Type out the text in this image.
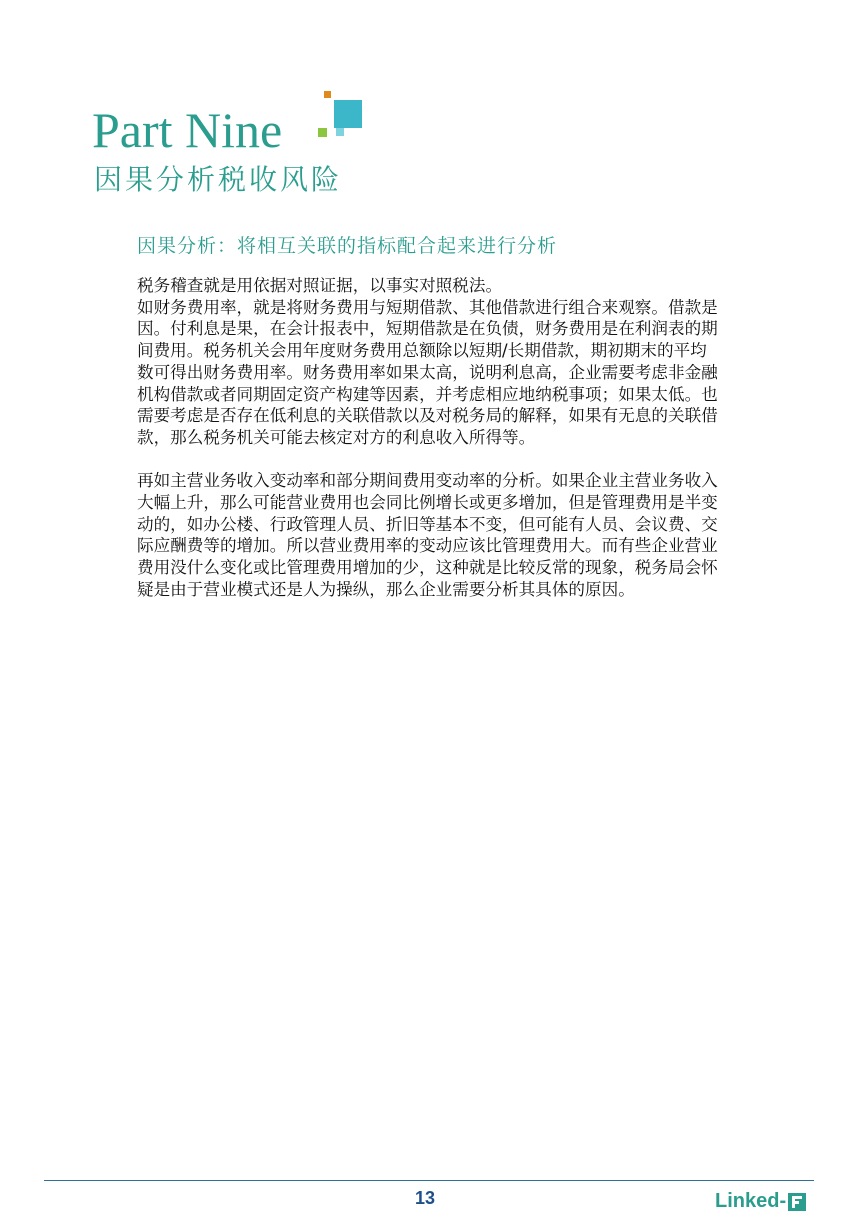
Part Nine
因果分析税收风险
因果分析：将相互关联的指标配合起来进行分析

税务稽查就是用依据对照证据，以事实对照税法。

如财务费用率，就是将财务费用与短期借款、其他借款进行组合来观察。借款是因。付利息是果，在会计报表中，短期借款是在负债，财务费用是在利润表的期间费用。税务机关会用年度财务费用总额除以短期/长期借款，期初期末的平均数可得出财务费用率。财务费用率如果太高，说明利息高，企业需要考虑非金融机构借款或者同期固定资产构建等因素，并考虑相应地纳税事项；如果太低。也需要考虑是否存在低利息的关联借款以及对税务局的解释，如果有无息的关联借款，那么税务机关可能去核定对方的利息收入所得等。

再如主营业务收入变动率和部分期间费用变动率的分析。如果企业主营业务收入大幅上升，那么可能营业费用也会同比例增长或更多增加，但是管理费用是半变动的，如办公楼、行政管理人员、折旧等基本不变，但可能有人员、会议费、交际应酬费等的增加。所以营业费用率的变动应该比管理费用大。而有些企业营业费用没什么变化或比管理费用增加的少，这种就是比较反常的现象，税务局会怀疑是由于营业模式还是人为操纵，那么企业需要分析其具体的原因。

13	Linked-
